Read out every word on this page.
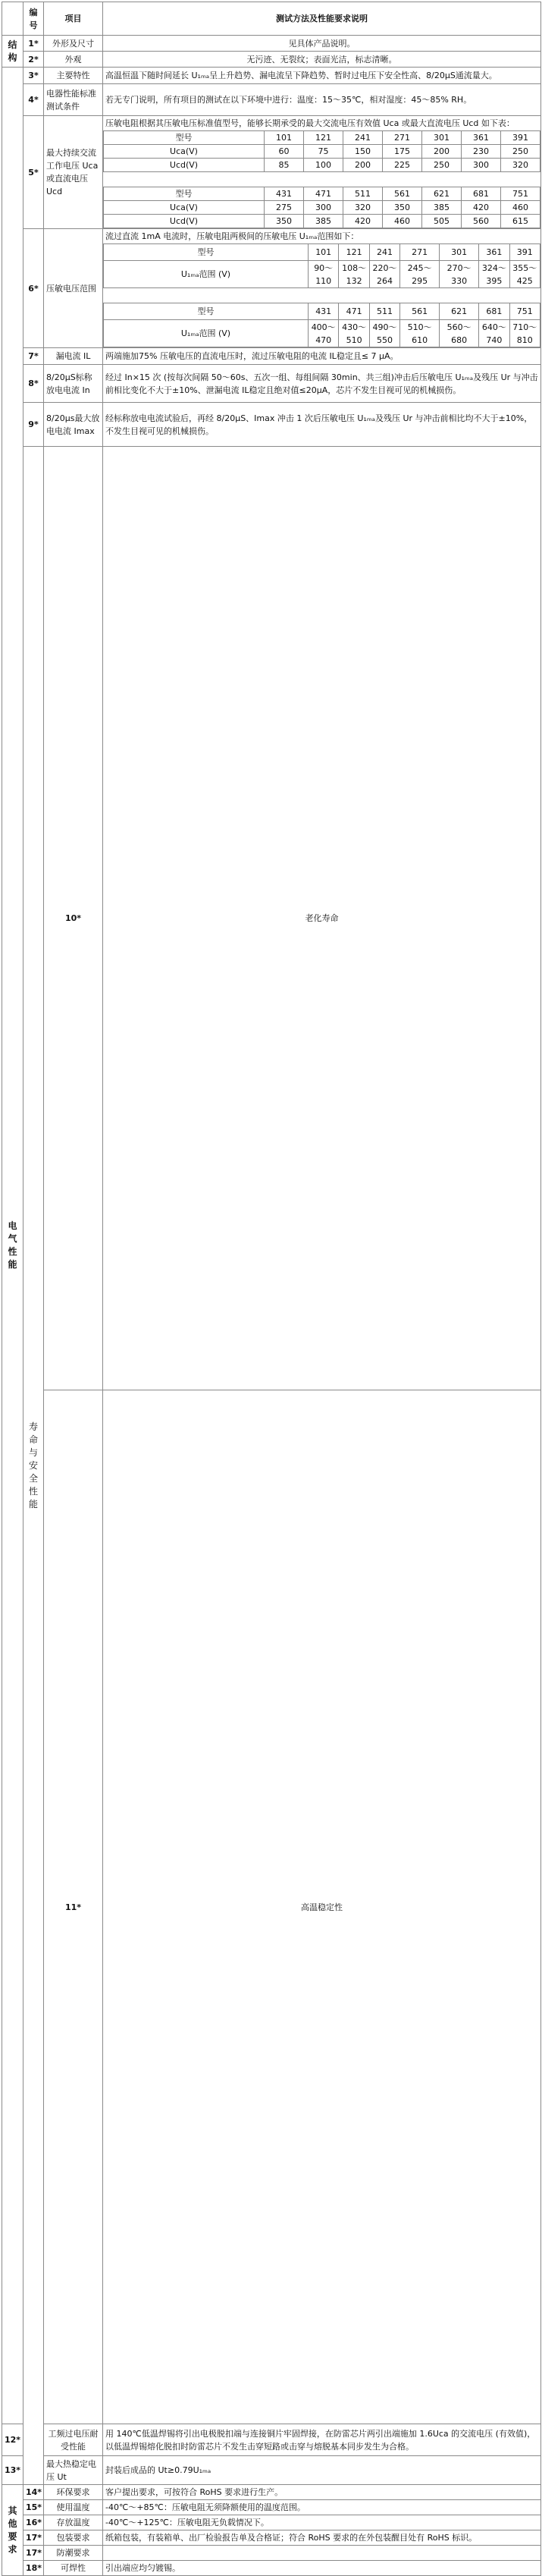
	编号	项目	测试方法及性能要求说明
结构	1*	外形及尺寸	见具体产品说明。
2*	外观	无污迹、无裂纹；表面光洁，标志清晰。
电气性能	3*	主要特性	高温恒温下随时间延长 U₁ₘₐ呈上升趋势、漏电流呈下降趋势、暂时过电压下安全性高、8/20μS通流量大。
4*	电器性能标准测试条件	若无专门说明，所有项目的测试在以下环境中进行：温度：15～35℃，相对湿度：45～85% RH。
5*	最大持续交流工作电压 Uca 或直流电压 Ucd	
压敏电阻根据其压敏电压标准值型号，能够长期承受的最大交流电压有效值 Uca 或最大直流电压 Ucd 如下表：
型号	101	121	241	271	301	361	391
Uca(V)	60	75	150	175	200	230	250
Ucd(V)	85	100	200	225	250	300	320

型号	431	471	511	561	621	681	751
Uca(V)	275	300	320	350	385	420	460
Ucd(V)	350	385	420	460	505	560	615

6*	压敏电压范围	
流过直流 1mA 电流时，压敏电阻两极间的压敏电压 U₁ₘₐ范围如下：
型号	101	121	241	271	301	361	391
U₁ₘₐ范围 (V)	90～110	108～132	220～264	245～295	270～330	324～395	355～425

型号	431	471	511	561	621	681	751
U₁ₘₐ范围 (V)	400～470	430～510	490～550	510～610	560～680	640～740	710～810

7*	漏电流 IL	两端施加75% 压敏电压的直流电压时，流过压敏电阻的电流 IL稳定且≤ 7 μA。
8*	8/20μS标称放电电流 In	经过 In×15 次 (按每次间隔 50～60s、五次一组、每组间隔 30min、共三组)冲击后压敏电压 U₁ₘₐ及残压 Ur 与冲击前相比变化不大于±10%、泄漏电流 IL稳定且绝对值≤20μA，芯片不发生目视可见的机械损伤。
9*	8/20μs最大放电电流 Imax	经标称放电电流试验后，再经 8/20μS、Imax 冲击 1 次后压敏电压 U₁ₘₐ及残压 Ur 与冲击前相比均不大于±10%，不发生目视可见的机械损伤。
寿命与安全性能	10*	老化寿命	
11*	高温稳定性	
12*	工频过电压耐受性能	用 140℃低温焊锡将引出电极脱扣端与连接铜片牢固焊接，在防雷芯片两引出端施加 1.6Uca 的交流电压 (有效值)，以低温焊锡熔化脱扣时防雷芯片不发生击穿短路或击穿与熔脱基本同步发生为合格。
13*	最大热稳定电压 Ut	封装后成品的 Ut≥0.79U₁ₘₐ
其他要求	14*	环保要求	客户提出要求，可按符合 RoHS 要求进行生产。
15*	使用温度	-40℃～+85℃：压敏电阻无须降额使用的温度范围。
16*	存放温度	-40℃～+125℃：压敏电阻无负载情况下。
17*	包装要求	纸箱包装，有装箱单、出厂检验报告单及合格证；符合 RoHS 要求的在外包装醒目处有 RoHS 标识。
17*	防潮要求	
18*	可焊性	引出端应均匀镀锡。
